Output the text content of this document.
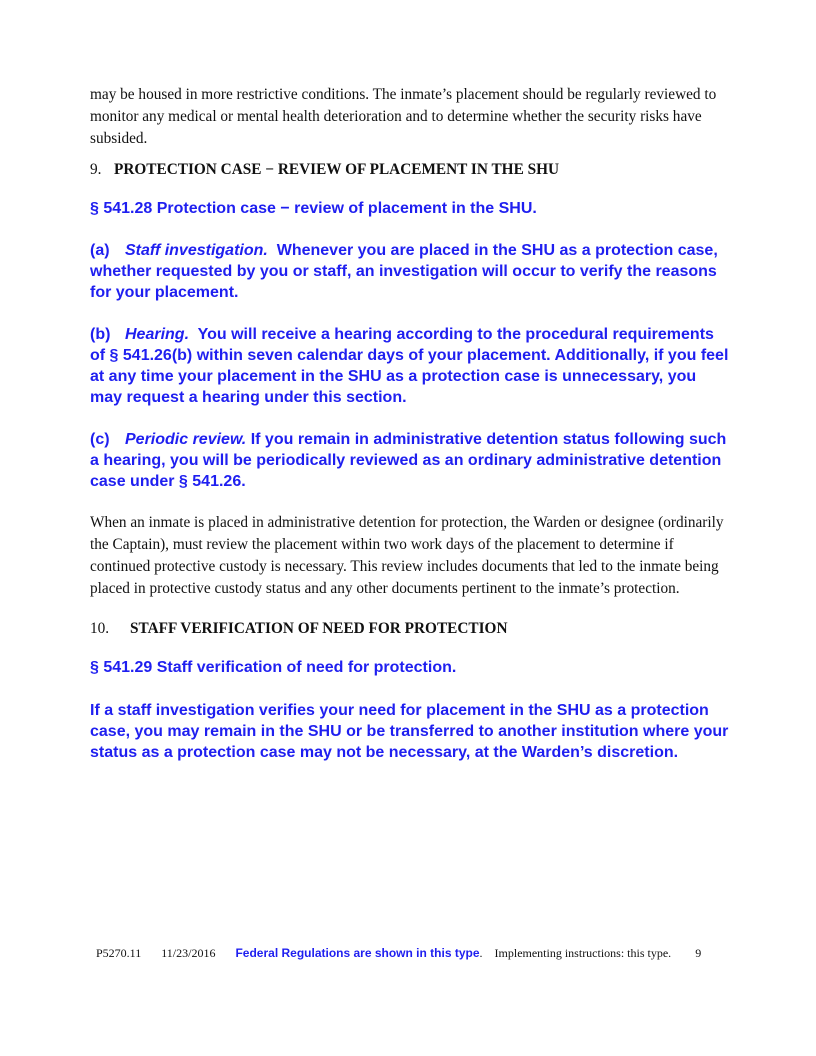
may be housed in more restrictive conditions. The inmate’s placement should be regularly reviewed to monitor any medical or mental health deterioration and to determine whether the security risks have subsided.

9. PROTECTION CASE − REVIEW OF PLACEMENT IN THE SHU

§ 541.28 Protection case − review of placement in the SHU.

(a) Staff investigation. Whenever you are placed in the SHU as a protection case, whether requested by you or staff, an investigation will occur to verify the reasons for your placement.

(b) Hearing. You will receive a hearing according to the procedural requirements of § 541.26(b) within seven calendar days of your placement. Additionally, if you feel at any time your placement in the SHU as a protection case is unnecessary, you may request a hearing under this section.

(c) Periodic review. If you remain in administrative detention status following such a hearing, you will be periodically reviewed as an ordinary administrative detention case under § 541.26.

When an inmate is placed in administrative detention for protection, the Warden or designee (ordinarily the Captain), must review the placement within two work days of the placement to determine if continued protective custody is necessary. This review includes documents that led to the inmate being placed in protective custody status and any other documents pertinent to the inmate’s protection.

10. STAFF VERIFICATION OF NEED FOR PROTECTION

§ 541.29 Staff verification of need for protection.

If a staff investigation verifies your need for placement in the SHU as a protection case, you may remain in the SHU or be transferred to another institution where your status as a protection case may not be necessary, at the Warden’s discretion.

P5270.11 11/23/2016 Federal Regulations are shown in this type. Implementing instructions: this type. 9
